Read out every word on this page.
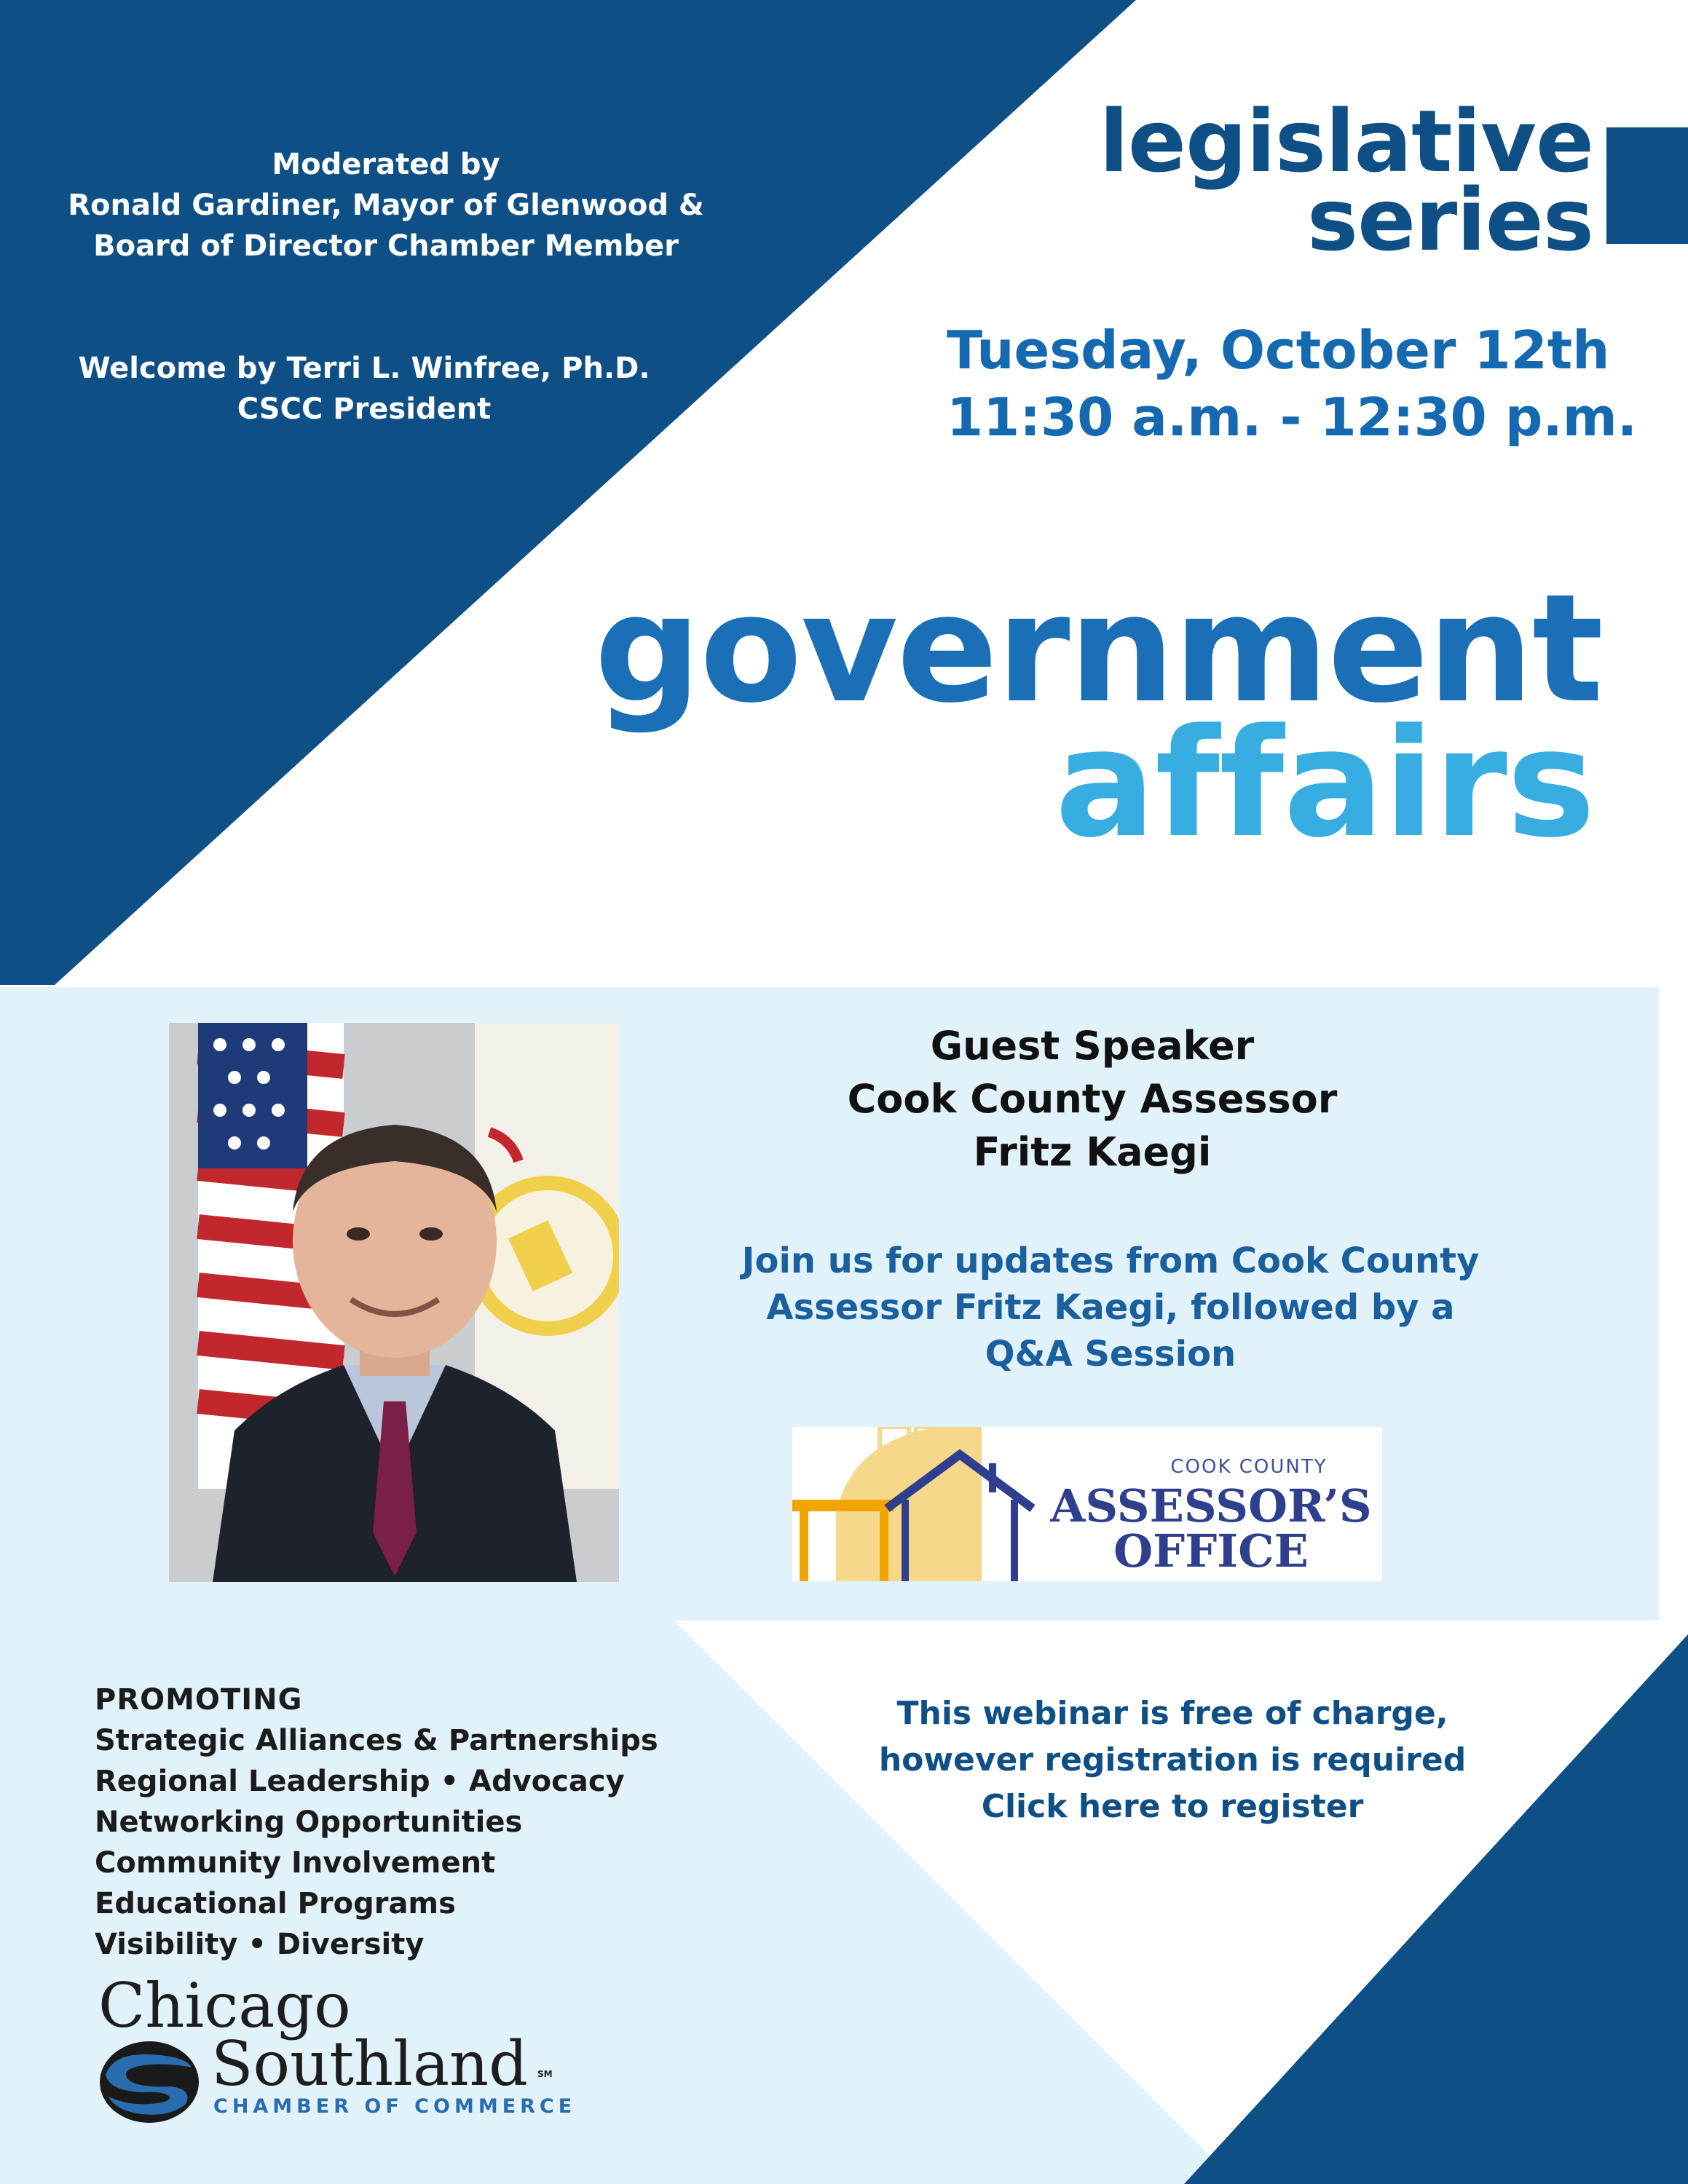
Moderated by
Ronald Gardiner, Mayor of Glenwood &
Board of Director Chamber Member
Welcome by Terri L. Winfree, Ph.D.
CSCC President
legislative
series
Tuesday, October 12th
11:30 a.m. - 12:30 p.m.
government
affairs
Guest Speaker
Cook County Assessor
Fritz Kaegi
Join us for updates from Cook County
Assessor Fritz Kaegi, followed by a
Q&A Session
COOK COUNTY
ASSESSOR’S
OFFICE
This webinar is free of charge,
however registration is required
Click here to register
PROMOTING
Strategic Alliances & Partnerships
Regional Leadership • Advocacy
Networking Opportunities
Community Involvement
Educational Programs
Visibility • Diversity
Chicago
Southland SM
CHAMBER OF COMMERCE
